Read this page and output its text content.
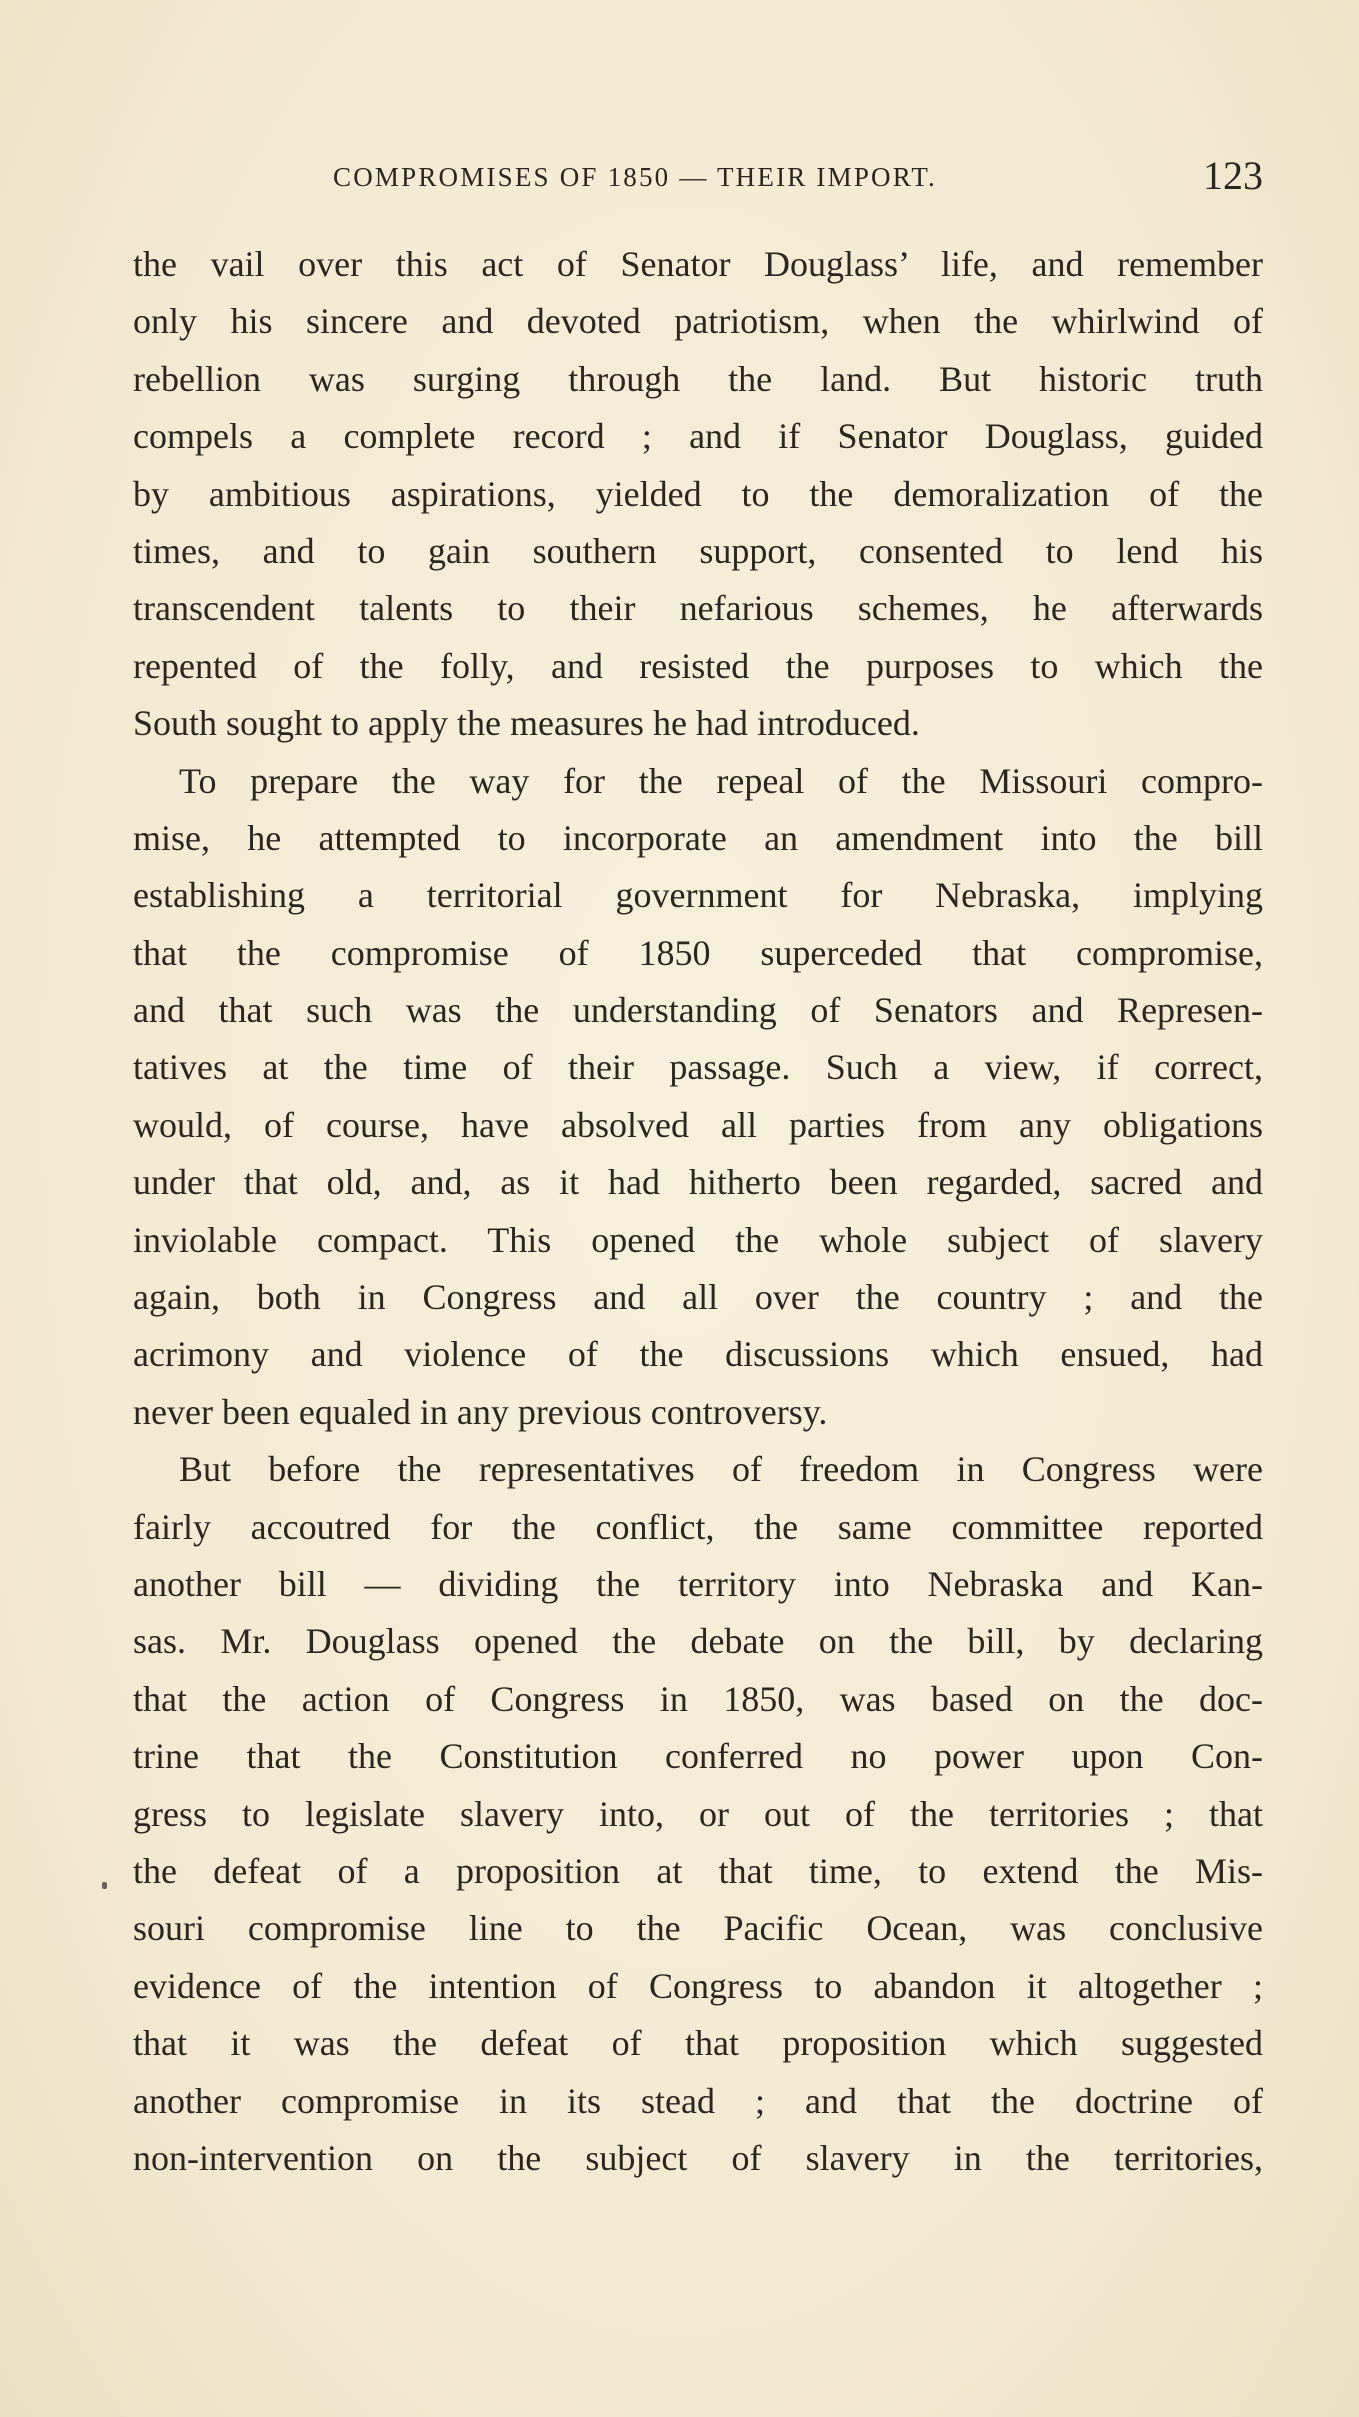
COMPROMISES OF 1850 — THEIR IMPORT.	123
the vail over this act of Senator Douglass’ life, and remember
only his sincere and devoted patriotism, when the whirlwind of
rebellion was surging through the land. But historic truth
compels a complete record ; and if Senator Douglass, guided
by ambitious aspirations, yielded to the demoralization of the
times, and to gain southern support, consented to lend his
transcendent talents to their nefarious schemes, he afterwards
repented of the folly, and resisted the purposes to which the
South sought to apply the measures he had introduced.
To prepare the way for the repeal of the Missouri compro-
mise, he attempted to incorporate an amendment into the bill
establishing a territorial government for Nebraska, implying
that the compromise of 1850 superceded that compromise,
and that such was the understanding of Senators and Represen-
tatives at the time of their passage. Such a view, if correct,
would, of course, have absolved all parties from any obligations
under that old, and, as it had hitherto been regarded, sacred and
inviolable compact. This opened the whole subject of slavery
again, both in Congress and all over the country ; and the
acrimony and violence of the discussions which ensued, had
never been equaled in any previous controversy.
But before the representatives of freedom in Congress were
fairly accoutred for the conflict, the same committee reported
another bill — dividing the territory into Nebraska and Kan-
sas. Mr. Douglass opened the debate on the bill, by declaring
that the action of Congress in 1850, was based on the doc-
trine that the Constitution conferred no power upon Con-
gress to legislate slavery into, or out of the territories ; that
the defeat of a proposition at that time, to extend the Mis-
souri compromise line to the Pacific Ocean, was conclusive
evidence of the intention of Congress to abandon it altogether ;
that it was the defeat of that proposition which suggested
another compromise in its stead ; and that the doctrine of
non-intervention on the subject of slavery in the territories,
